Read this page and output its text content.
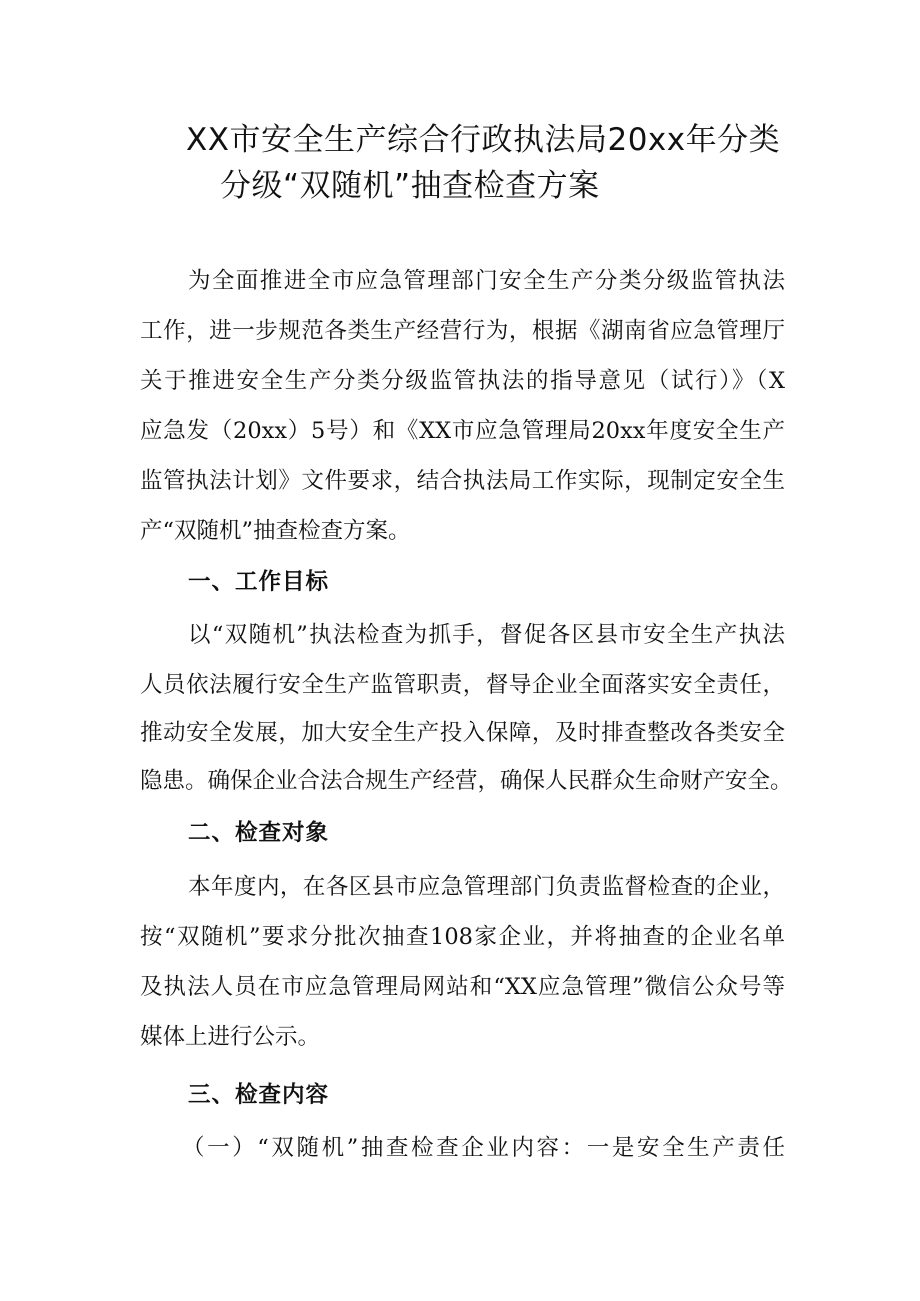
XX市安全生产综合行政执法局20xx年分类
分级“双随机”抽查检查方案
为全面推进全市应急管理部门安全生产分类分级监管执法
工作，进一步规范各类生产经营行为，根据《湖南省应急管理厅
关于推进安全生产分类分级监管执法的指导意见（试行）》（X
应急发（20xx）5号）和《XX市应急管理局20xx年度安全生产
监管执法计划》文件要求，结合执法局工作实际，现制定安全生
产“双随机”抽查检查方案。
一、工作目标
以“双随机”执法检查为抓手，督促各区县市安全生产执法
人员依法履行安全生产监管职责，督导企业全面落实安全责任，
推动安全发展，加大安全生产投入保障，及时排查整改各类安全
隐患。确保企业合法合规生产经营，确保人民群众生命财产安全。
二、检查对象
本年度内，在各区县市应急管理部门负责监督检查的企业，
按“双随机”要求分批次抽查108家企业，并将抽查的企业名单
及执法人员在市应急管理局网站和“XX应急管理”微信公众号等
媒体上进行公示。
三、检查内容
（一）“双随机”抽查检查企业内容：一是安全生产责任
